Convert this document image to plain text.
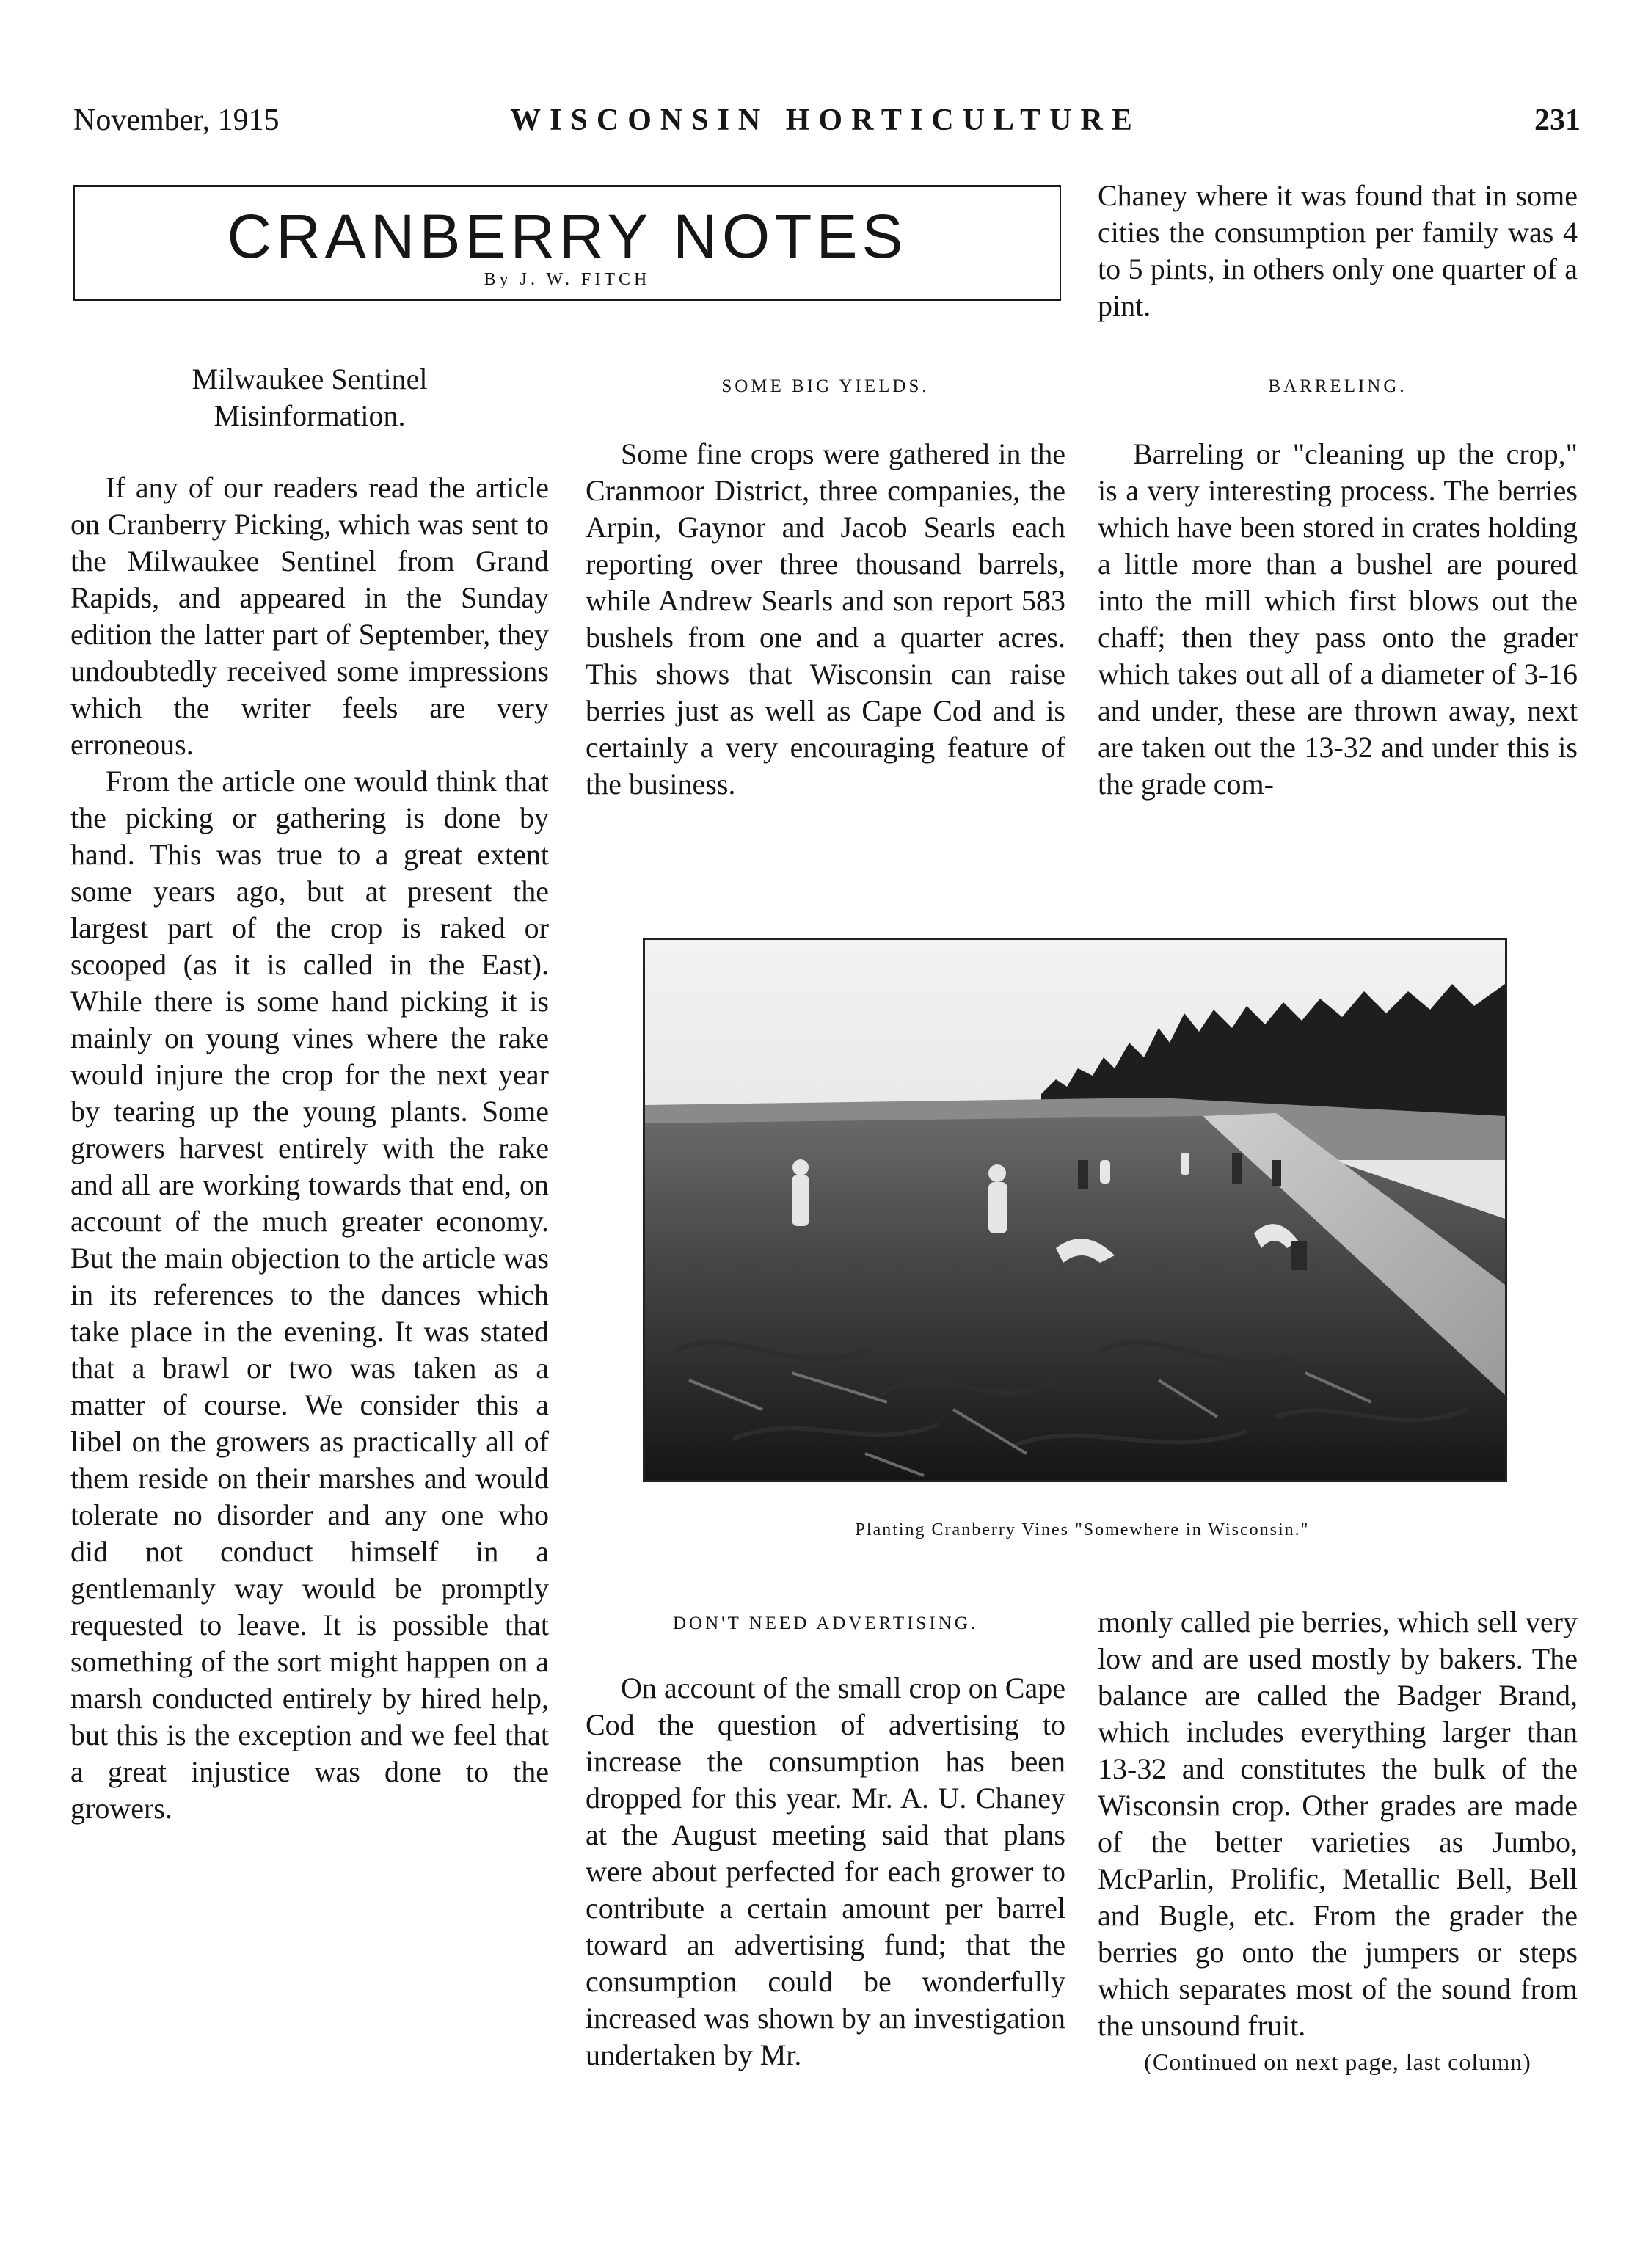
November, 1915	WISCONSIN HORTICULTURE	231
CRANBERRY NOTES
By J. W. FITCH
Milwaukee Sentinel Misinformation.

If any of our readers read the article on Cranberry Picking, which was sent to the Milwaukee Sentinel from Grand Rapids, and appeared in the Sunday edition the latter part of September, they undoubtedly received some impressions which the writer feels are very erroneous.

From the article one would think that the picking or gathering is done by hand. This was true to a great extent some years ago, but at present the largest part of the crop is raked or scooped (as it is called in the East). While there is some hand picking it is mainly on young vines where the rake would injure the crop for the next year by tearing up the young plants. Some growers harvest entirely with the rake and all are working towards that end, on account of the much greater economy. But the main objection to the article was in its references to the dances which take place in the evening. It was stated that a brawl or two was taken as a matter of course. We consider this a libel on the growers as practically all of them reside on their marshes and would tolerate no disorder and any one who did not conduct himself in a gentlemanly way would be promptly requested to leave. It is possible that something of the sort might happen on a marsh conducted entirely by hired help, but this is the exception and we feel that a great injustice was done to the growers.

SOME BIG YIELDS.

Some fine crops were gathered in the Cranmoor District, three companies, the Arpin, Gaynor and Jacob Searls each reporting over three thousand barrels, while Andrew Searls and son report 583 bushels from one and a quarter acres. This shows that Wisconsin can raise berries just as well as Cape Cod and is certainly a very encouraging feature of the business.

DON'T NEED ADVERTISING.

On account of the small crop on Cape Cod the question of advertising to increase the consumption has been dropped for this year. Mr. A. U. Chaney at the August meeting said that plans were about perfected for each grower to contribute a certain amount per barrel toward an advertising fund; that the consumption could be wonderfully increased was shown by an investigation undertaken by Mr.

Chaney where it was found that in some cities the consumption per family was 4 to 5 pints, in others only one quarter of a pint.

BARRELING.

Barreling or "cleaning up the crop," is a very interesting process. The berries which have been stored in crates holding a little more than a bushel are poured into the mill which first blows out the chaff; then they pass onto the grader which takes out all of a diameter of 3-16 and under, these are thrown away, next are taken out the 13-32 and under this is the grade com-

monly called pie berries, which sell very low and are used mostly by bakers. The balance are called the Badger Brand, which includes everything larger than 13-32 and constitutes the bulk of the Wisconsin crop. Other grades are made of the better varieties as Jumbo, McParlin, Prolific, Metallic Bell, Bell and Bugle, etc. From the grader the berries go onto the jumpers or steps which separates most of the sound from the unsound fruit.

(Continued on next page, last column)
Planting Cranberry Vines "Somewhere in Wisconsin."
